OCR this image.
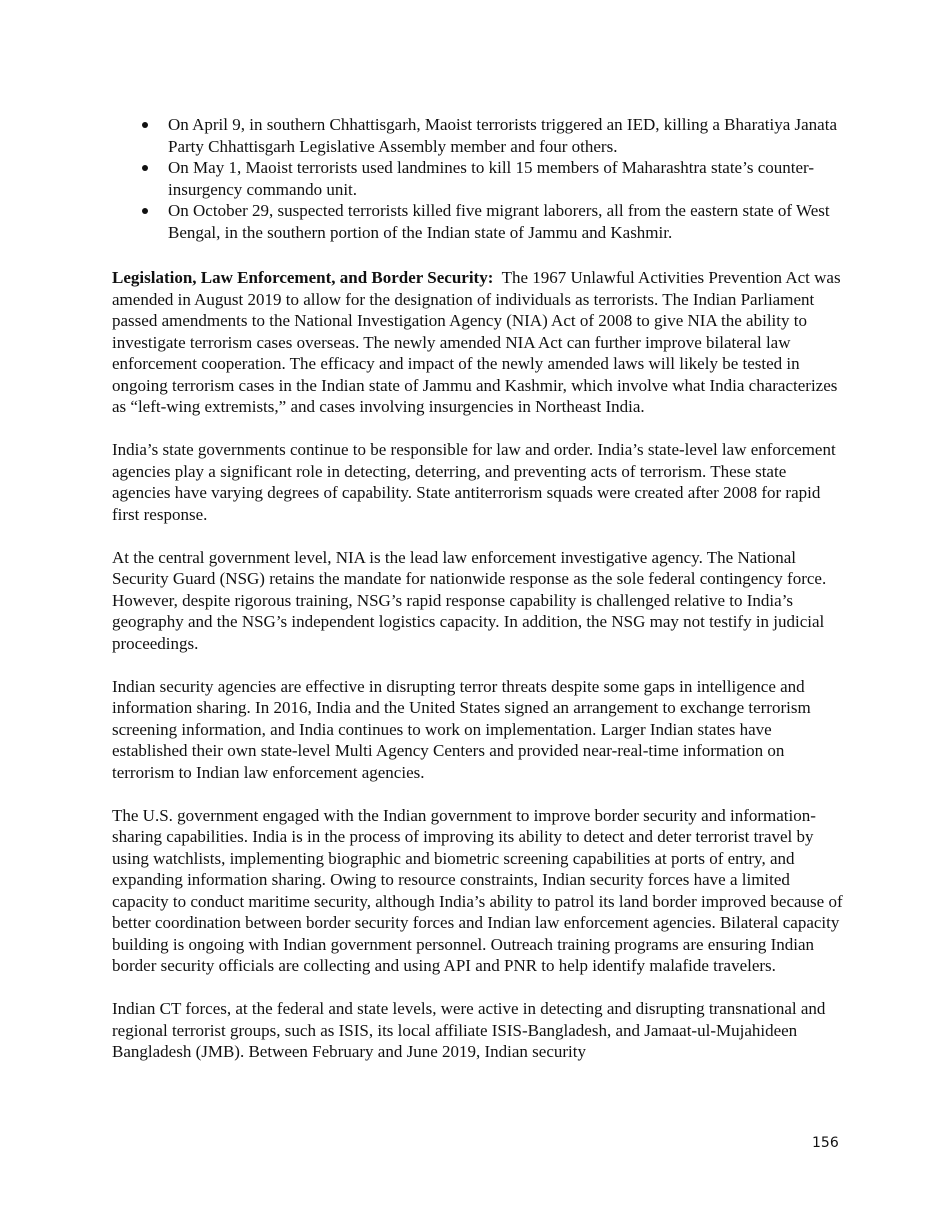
On April 9, in southern Chhattisgarh, Maoist terrorists triggered an IED, killing a Bharatiya Janata Party Chhattisgarh Legislative Assembly member and four others.
On May 1, Maoist terrorists used landmines to kill 15 members of Maharashtra state’s counter-insurgency commando unit.
On October 29, suspected terrorists killed five migrant laborers, all from the eastern state of West Bengal, in the southern portion of the Indian state of Jammu and Kashmir.

Legislation, Law Enforcement, and Border Security: The 1967 Unlawful Activities Prevention Act was amended in August 2019 to allow for the designation of individuals as terrorists. The Indian Parliament passed amendments to the National Investigation Agency (NIA) Act of 2008 to give NIA the ability to investigate terrorism cases overseas. The newly amended NIA Act can further improve bilateral law enforcement cooperation. The efficacy and impact of the newly amended laws will likely be tested in ongoing terrorism cases in the Indian state of Jammu and Kashmir, which involve what India characterizes as “left-wing extremists,” and cases involving insurgencies in Northeast India.

India’s state governments continue to be responsible for law and order. India’s state-level law enforcement agencies play a significant role in detecting, deterring, and preventing acts of terrorism. These state agencies have varying degrees of capability. State antiterrorism squads were created after 2008 for rapid first response.

At the central government level, NIA is the lead law enforcement investigative agency. The National Security Guard (NSG) retains the mandate for nationwide response as the sole federal contingency force. However, despite rigorous training, NSG’s rapid response capability is challenged relative to India’s geography and the NSG’s independent logistics capacity. In addition, the NSG may not testify in judicial proceedings.

Indian security agencies are effective in disrupting terror threats despite some gaps in intelligence and information sharing. In 2016, India and the United States signed an arrangement to exchange terrorism screening information, and India continues to work on implementation. Larger Indian states have established their own state-level Multi Agency Centers and provided near-real-time information on terrorism to Indian law enforcement agencies.

The U.S. government engaged with the Indian government to improve border security and information-sharing capabilities. India is in the process of improving its ability to detect and deter terrorist travel by using watchlists, implementing biographic and biometric screening capabilities at ports of entry, and expanding information sharing. Owing to resource constraints, Indian security forces have a limited capacity to conduct maritime security, although India’s ability to patrol its land border improved because of better coordination between border security forces and Indian law enforcement agencies. Bilateral capacity building is ongoing with Indian government personnel. Outreach training programs are ensuring Indian border security officials are collecting and using API and PNR to help identify malafide travelers.

Indian CT forces, at the federal and state levels, were active in detecting and disrupting transnational and regional terrorist groups, such as ISIS, its local affiliate ISIS-Bangladesh, and Jamaat-ul-Mujahideen Bangladesh (JMB). Between February and June 2019, Indian security

156
